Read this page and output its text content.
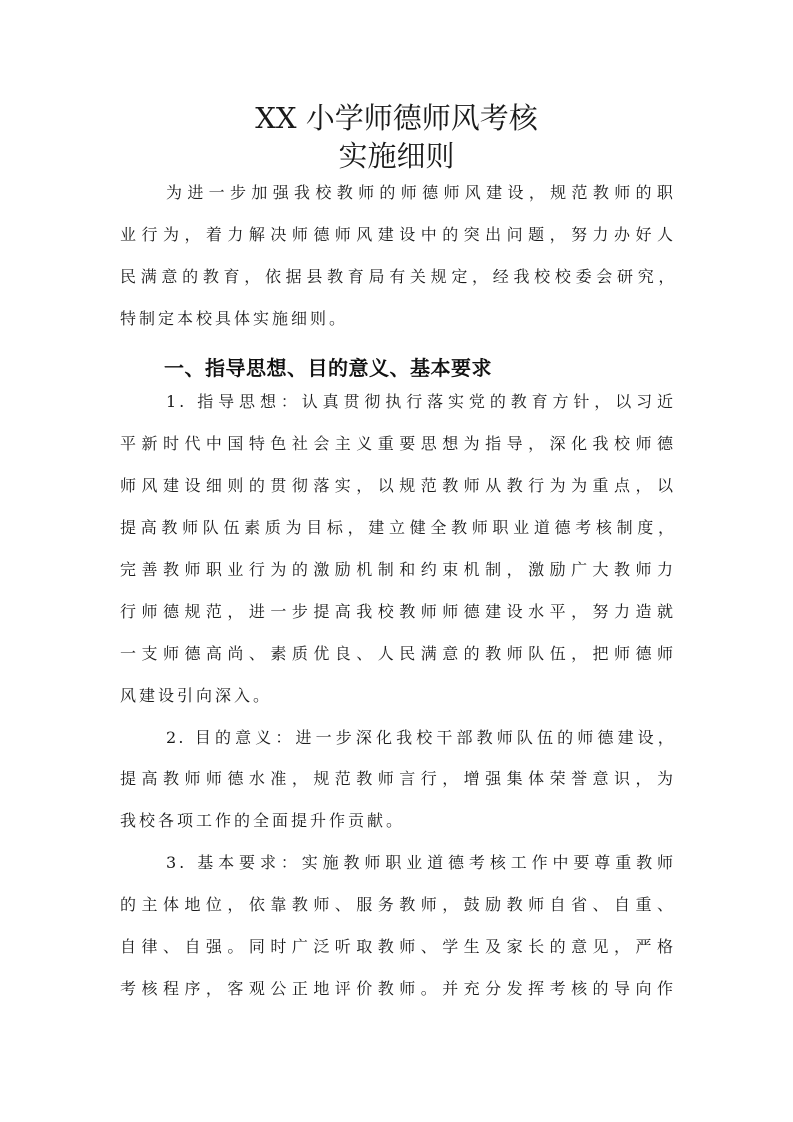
XX 小学师德师风考核
实施细则
为进一步加强我校教师的师德师风建设，规范教师的职
业行为，着力解决师德师风建设中的突出问题，努力办好人
民满意的教育，依据县教育局有关规定，经我校校委会研究，
特制定本校具体实施细则。
一、指导思想、目的意义、基本要求
1. 指导思想：认真贯彻执行落实党的教育方针，以习近
平新时代中国特色社会主义重要思想为指导，深化我校师德
师风建设细则的贯彻落实，以规范教师从教行为为重点，以
提高教师队伍素质为目标，建立健全教师职业道德考核制度，
完善教师职业行为的激励机制和约束机制，激励广大教师力
行师德规范，进一步提高我校教师师德建设水平，努力造就
一支师德高尚、素质优良、人民满意的教师队伍，把师德师
风建设引向深入。
2. 目的意义：进一步深化我校干部教师队伍的师德建设，
提高教师师德水准，规范教师言行，增强集体荣誉意识，为
我校各项工作的全面提升作贡献。
3. 基本要求：实施教师职业道德考核工作中要尊重教师
的主体地位，依靠教师、服务教师，鼓励教师自省、自重、
自律、自强。同时广泛听取教师、学生及家长的意见，严格
考核程序，客观公正地评价教师。并充分发挥考核的导向作
